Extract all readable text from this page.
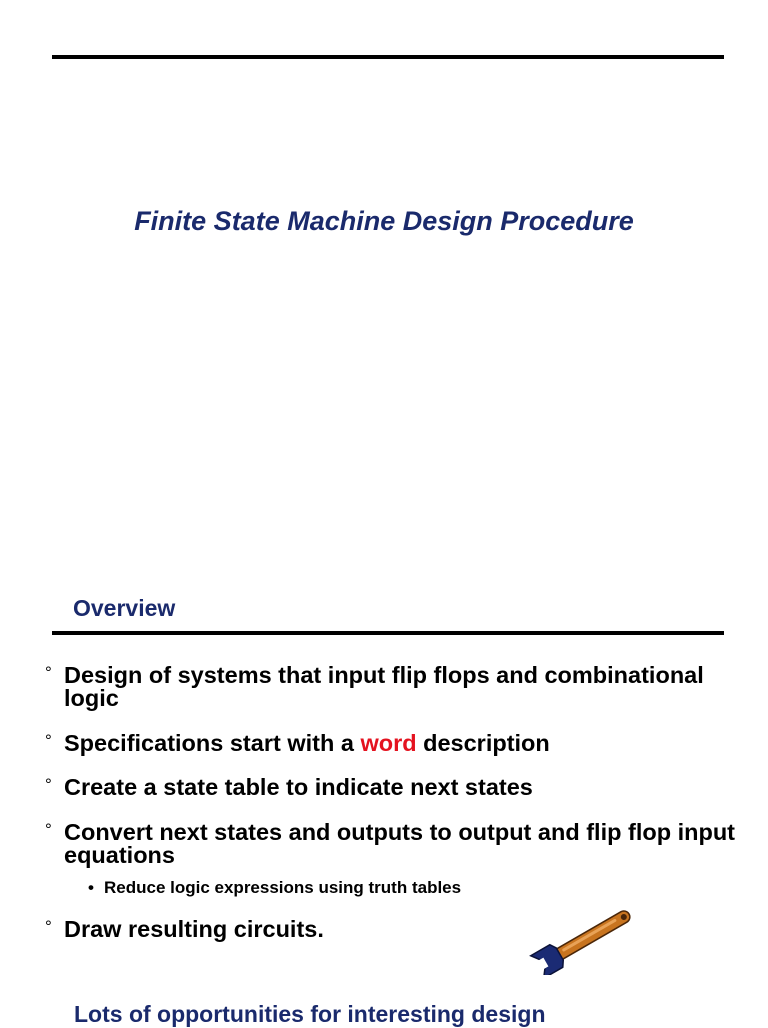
Finite State Machine Design Procedure
Overview
° Design of systems that input flip flops and combinational logic
° Specifications start with a word description
° Create a state table to indicate next states
° Convert next states and outputs to output and flip flop input equations
• Reduce logic expressions using truth tables
° Draw resulting circuits.
Lots of opportunities for interesting design
